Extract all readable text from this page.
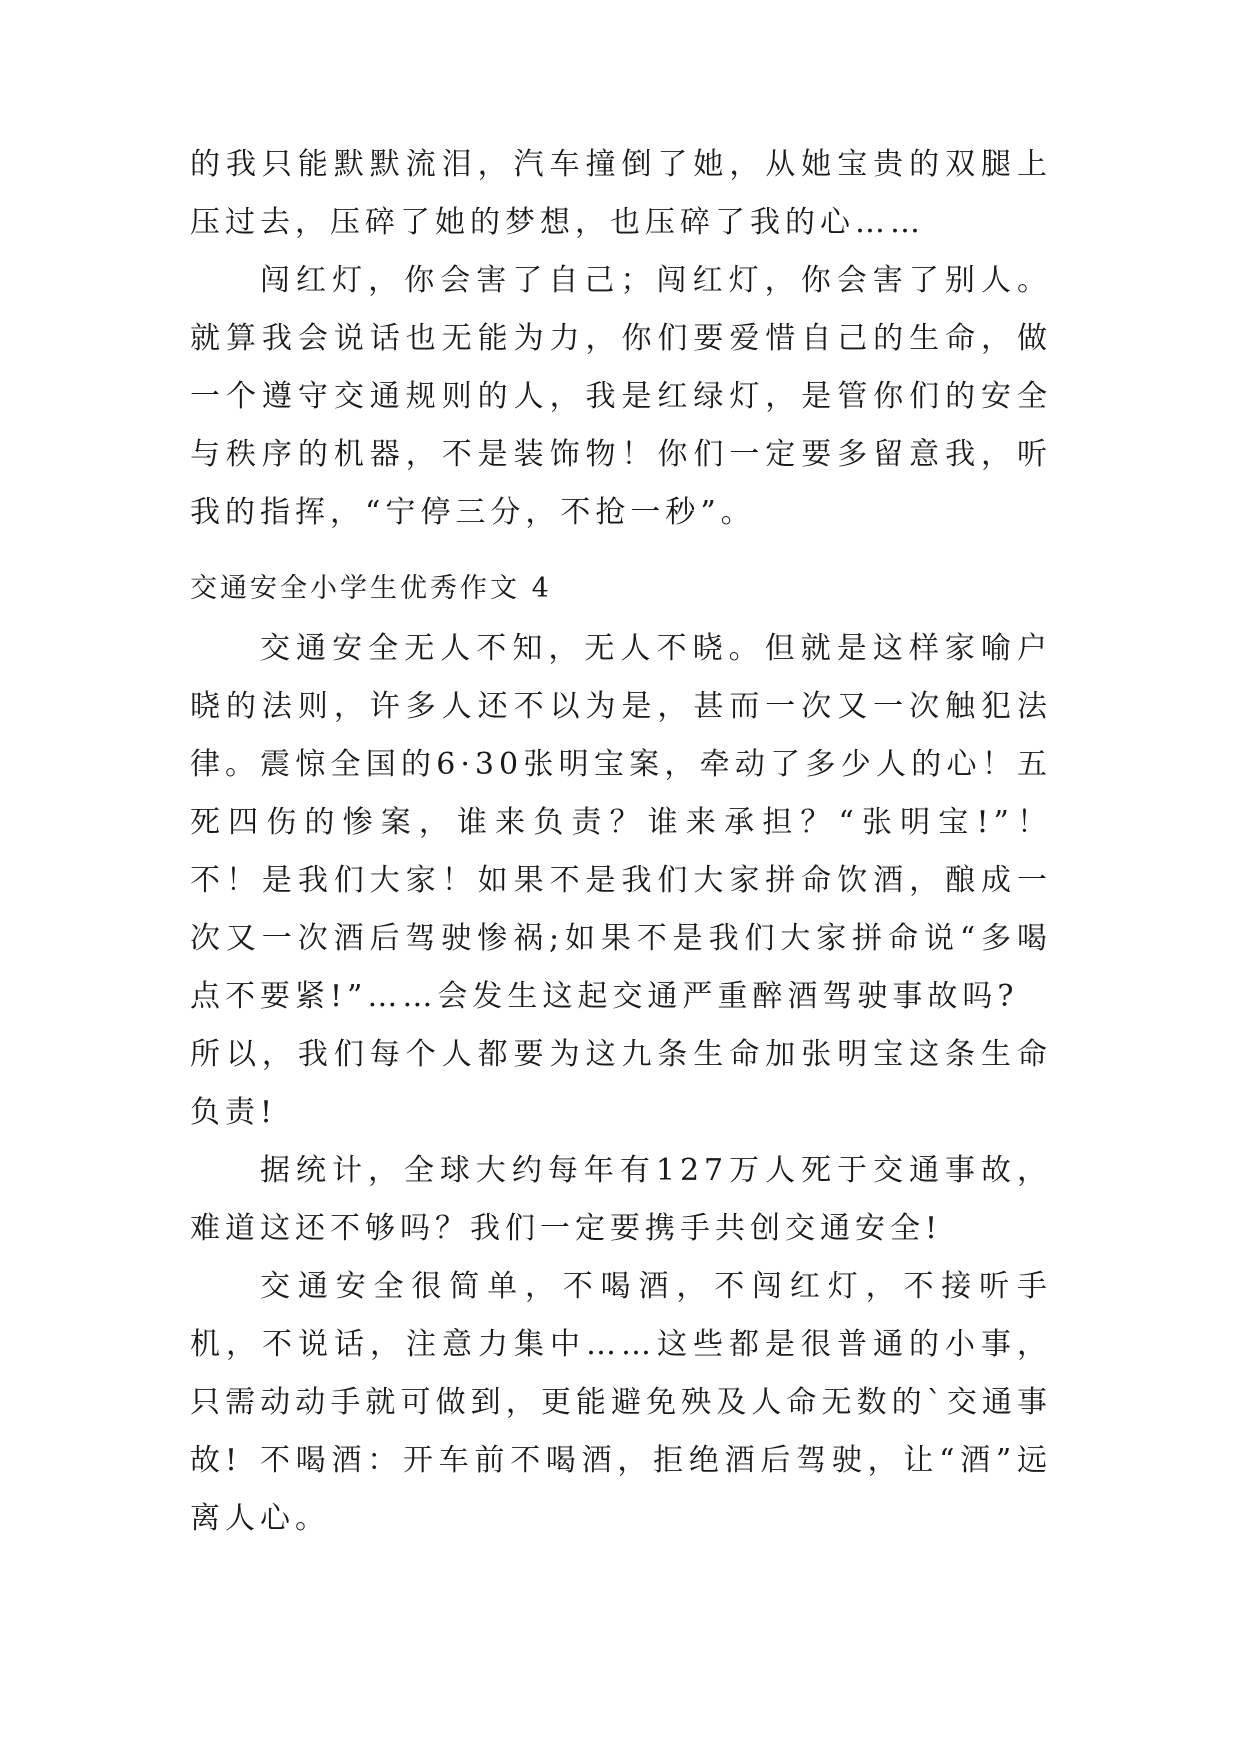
的我只能默默流泪，汽车撞倒了她，从她宝贵的双腿上压过去，压碎了她的梦想，也压碎了我的心……

闯红灯，你会害了自己；闯红灯，你会害了别人。就算我会说话也无能为力，你们要爱惜自己的生命，做一个遵守交通规则的人，我是红绿灯，是管你们的安全与秩序的机器，不是装饰物！你们一定要多留意我，听我的指挥，“宁停三分，不抢一秒”。

交通安全小学生优秀作文 4

交通安全无人不知，无人不晓。但就是这样家喻户晓的法则，许多人还不以为是，甚而一次又一次触犯法律。 震惊全国的6·30张明宝案，牵动了多少人的心！五死四伤的惨案，谁来负责？谁来承担？“张明宝!”！不！是我们大家！如果不是我们大家拼命饮酒，酿成一次又一次酒后驾驶惨祸;如果不是我们大家拼命说“多喝点不要紧!”……会发生这起交通严重醉酒驾驶事故吗?

所以，我们每个人都要为这九条生命加张明宝这条生命负责!

据统计，全球大约每年有127万人死于交通事故，难道这还不够吗？我们一定要携手共创交通安全!

交通安全很简单，不喝酒，不闯红灯，不接听手机，不说话，注意力集中……这些都是很普通的小事，只需动动手就可做到，更能避免殃及人命无数的`交通事故! 不喝酒：开车前不喝酒，拒绝酒后驾驶，让“酒”远离人心。
